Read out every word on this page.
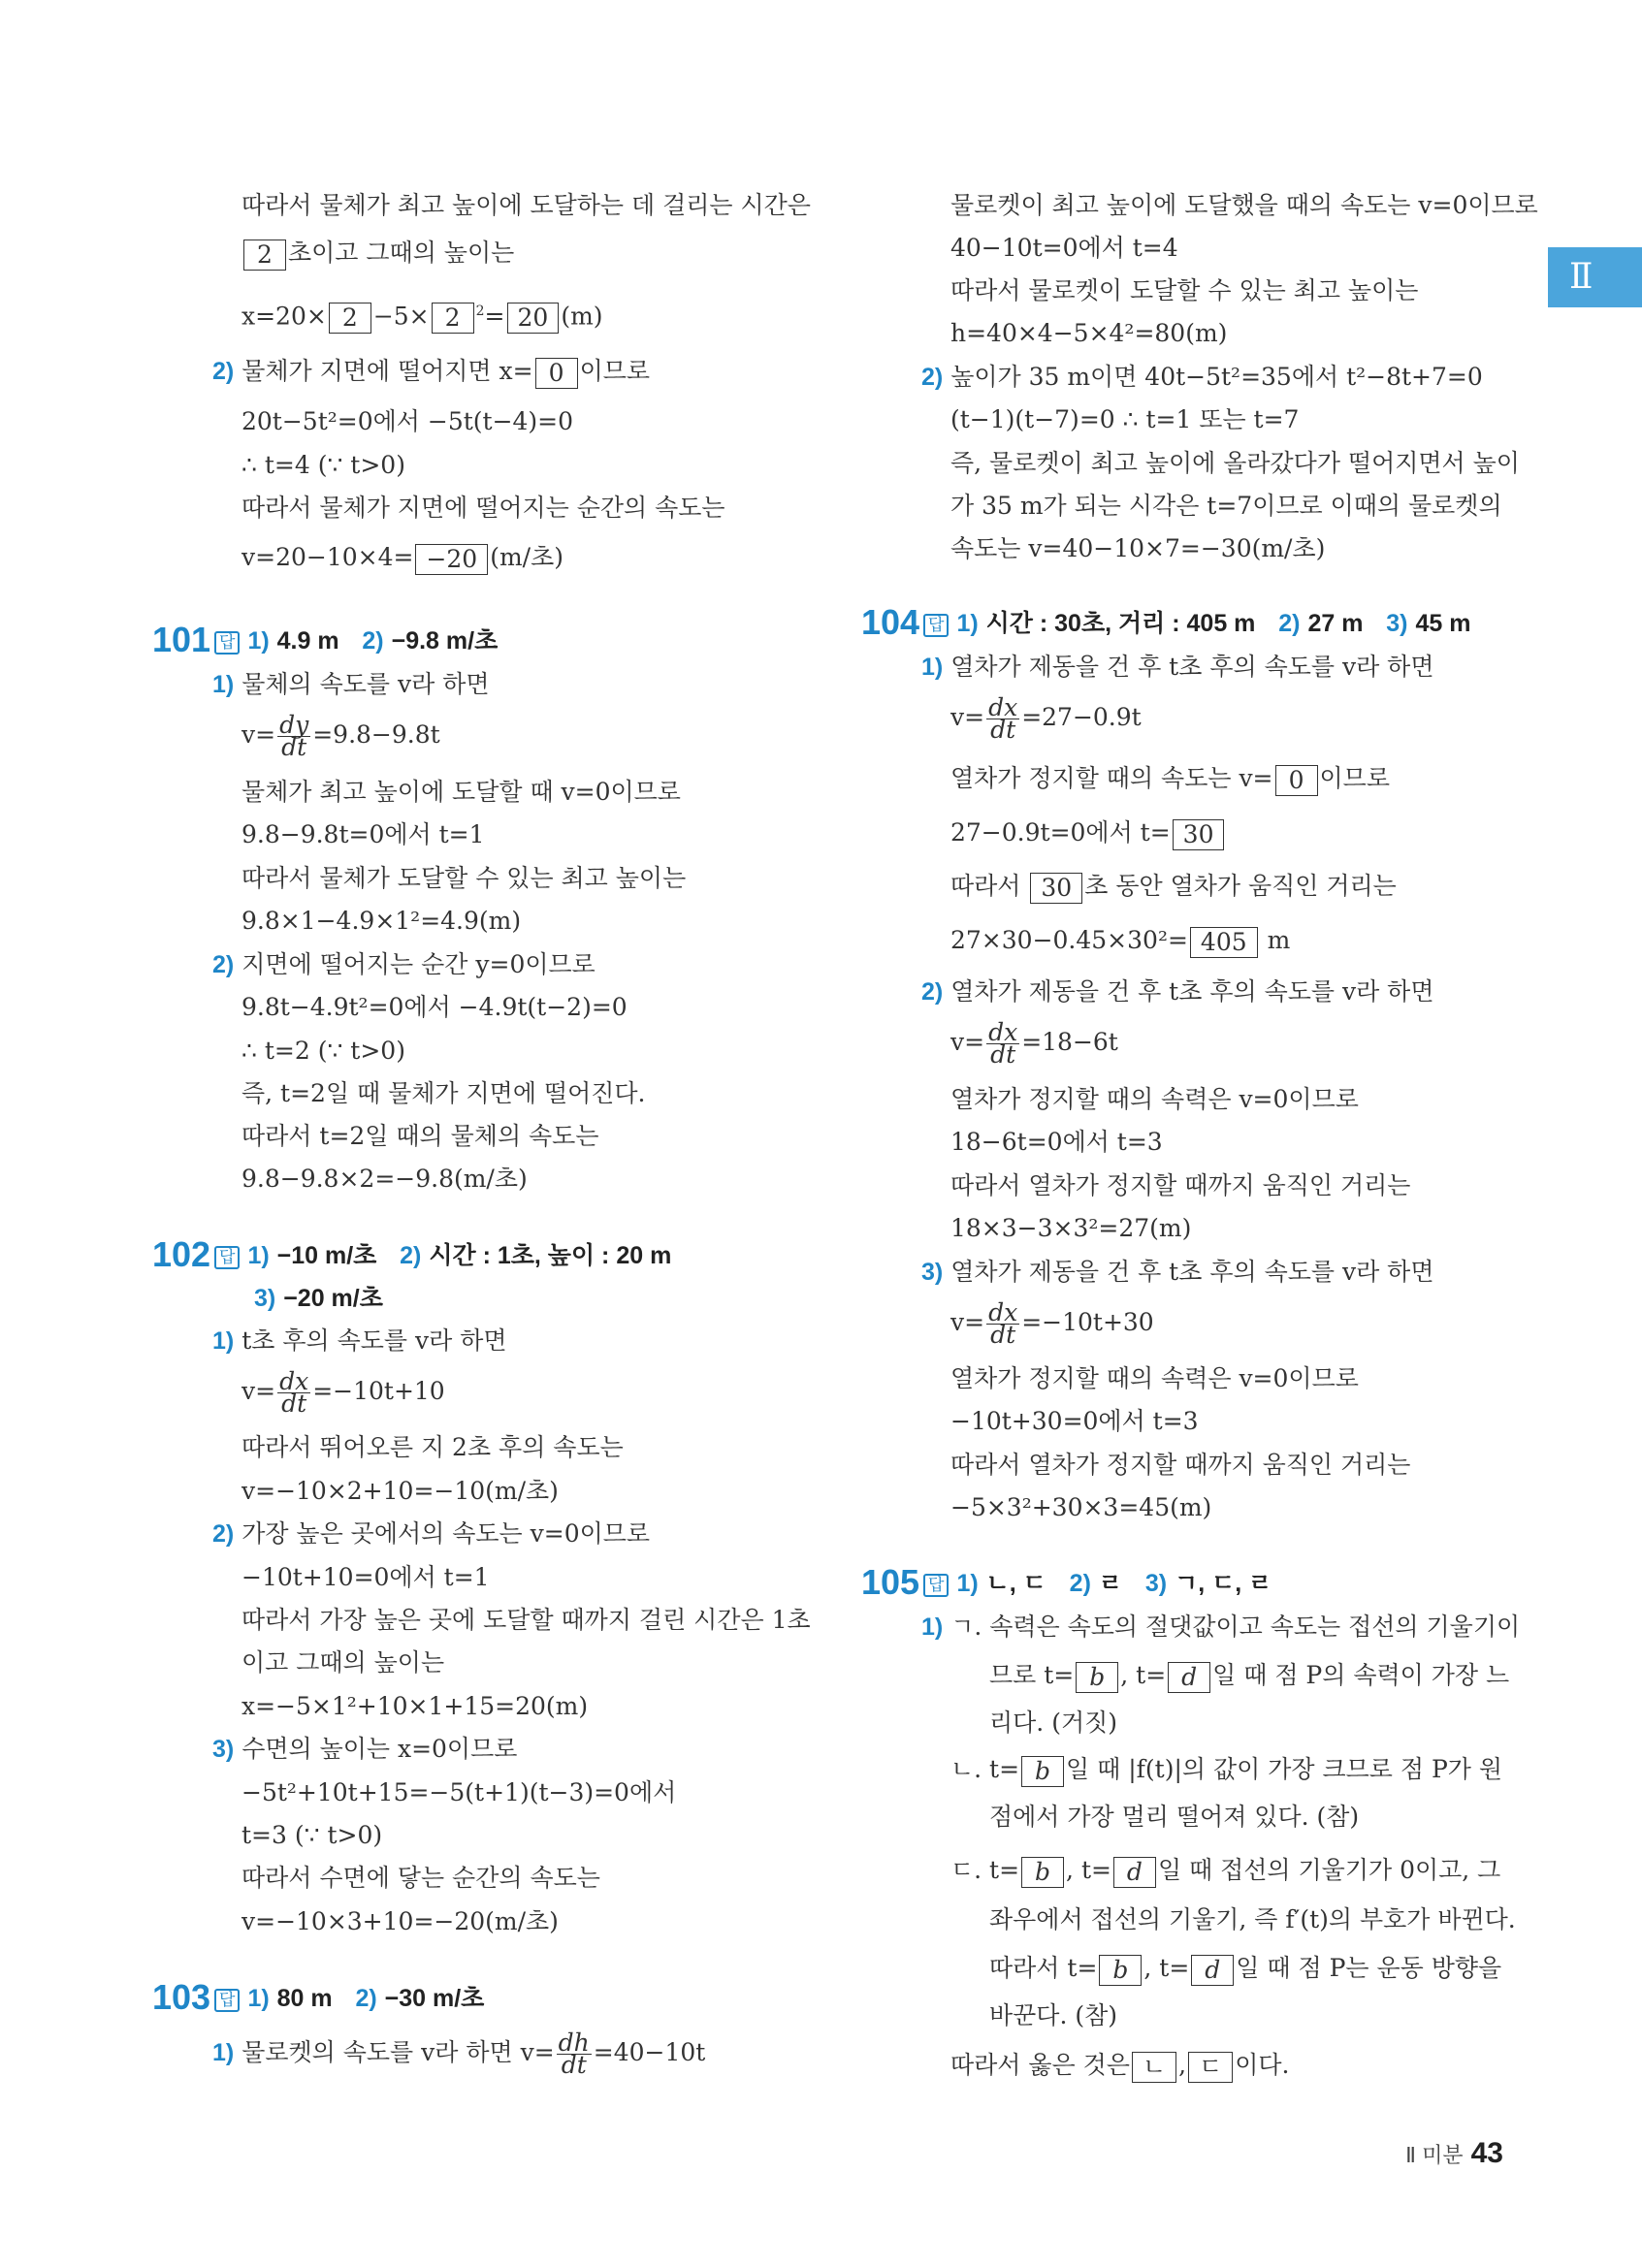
Ⅱ
따라서 물체가 최고 높이에 도달하는 데 걸리는 시간은
2 초이고 그때의 높이는
x=20× 2 −5× 2 $^2$= 20 (m)
2) 물체가 지면에 떨어지면 x= 0 이므로
20t−5t²=0에서 −5t(t−4)=0
∴ t=4 (∵ t>0)
따라서 물체가 지면에 떨어지는 순간의 속도는
v=20−10×4= −20 (m/초)
101 답 1) 4.9 m 2) −9.8 m/초
1) 물체의 속도를 v라 하면
$v= \frac{dy}{dt} =9.8-9.8t$
물체가 최고 높이에 도달할 때 v=0이므로
9.8−9.8t=0에서 t=1
따라서 물체가 도달할 수 있는 최고 높이는
9.8×1−4.9×1²=4.9(m)
2) 지면에 떨어지는 순간 y=0이므로
9.8t−4.9t²=0에서 −4.9t(t−2)=0
∴ t=2 (∵ t>0)
즉, t=2일 때 물체가 지면에 떨어진다.
따라서 t=2일 때의 물체의 속도는
9.8−9.8×2=−9.8(m/초)
102 답 1) −10 m/초 2) 시간 : 1초, 높이 : 20 m
3) −20 m/초
1) t초 후의 속도를 v라 하면
$v= \frac{dx}{dt} =-10t+10$
따라서 뛰어오른 지 2초 후의 속도는
v=−10×2+10=−10(m/초)
2) 가장 높은 곳에서의 속도는 v=0이므로
−10t+10=0에서 t=1
따라서 가장 높은 곳에 도달할 때까지 걸린 시간은 1초
이고 그때의 높이는
x=−5×1²+10×1+15=20(m)
3) 수면의 높이는 x=0이므로
−5t²+10t+15=−5(t+1)(t−3)=0에서
t=3 (∵ t>0)
따라서 수면에 닿는 순간의 속도는
v=−10×3+10=−20(m/초)
103 답 1) 80 m 2) −30 m/초
1) 물로켓의 속도를 v라 하면 $v= \frac{dh}{dt} =40-10t$
물로켓이 최고 높이에 도달했을 때의 속도는 v=0이므로
40−10t=0에서 t=4
따라서 물로켓이 도달할 수 있는 최고 높이는
h=40×4−5×4²=80(m)
2) 높이가 35 m이면 40t−5t²=35에서 t²−8t+7=0
(t−1)(t−7)=0 ∴ t=1 또는 t=7
즉, 물로켓이 최고 높이에 올라갔다가 떨어지면서 높이
가 35 m가 되는 시각은 t=7이므로 이때의 물로켓의
속도는 v=40−10×7=−30(m/초)
104 답 1) 시간 : 30초, 거리 : 405 m 2) 27 m 3) 45 m
1) 열차가 제동을 건 후 t초 후의 속도를 v라 하면
$v= \frac{dx}{dt} =27-0.9t$
열차가 정지할 때의 속도는 v= 0 이므로
27−0.9t=0에서 t= 30
따라서 30 초 동안 열차가 움직인 거리는
27×30−0.45×30²= 405 m
2) 열차가 제동을 건 후 t초 후의 속도를 v라 하면
$v= \frac{dx}{dt} =18-6t$
열차가 정지할 때의 속력은 v=0이므로
18−6t=0에서 t=3
따라서 열차가 정지할 때까지 움직인 거리는
18×3−3×3²=27(m)
3) 열차가 제동을 건 후 t초 후의 속도를 v라 하면
$v= \frac{dx}{dt} =-10t+30$
열차가 정지할 때의 속력은 v=0이므로
−10t+30=0에서 t=3
따라서 열차가 정지할 때까지 움직인 거리는
−5×3²+30×3=45(m)
105 답 1) ㄴ, ㄷ 2) ㄹ 3) ㄱ, ㄷ, ㄹ
1) ㄱ. 속력은 속도의 절댓값이고 속도는 접선의 기울기이
므로 t= b , t= d 일 때 점 P의 속력이 가장 느
리다. (거짓)
ㄴ. t= b 일 때 |f(t)|의 값이 가장 크므로 점 P가 원
점에서 가장 멀리 떨어져 있다. (참)
ㄷ. t= b , t= d 일 때 접선의 기울기가 0이고, 그
좌우에서 접선의 기울기, 즉 f′(t)의 부호가 바뀐다.
따라서 t= b , t= d 일 때 점 P는 운동 방향을
바꾼다. (참)
따라서 옳은 것은 ㄴ , ㄷ 이다.
Ⅱ 미분 43
